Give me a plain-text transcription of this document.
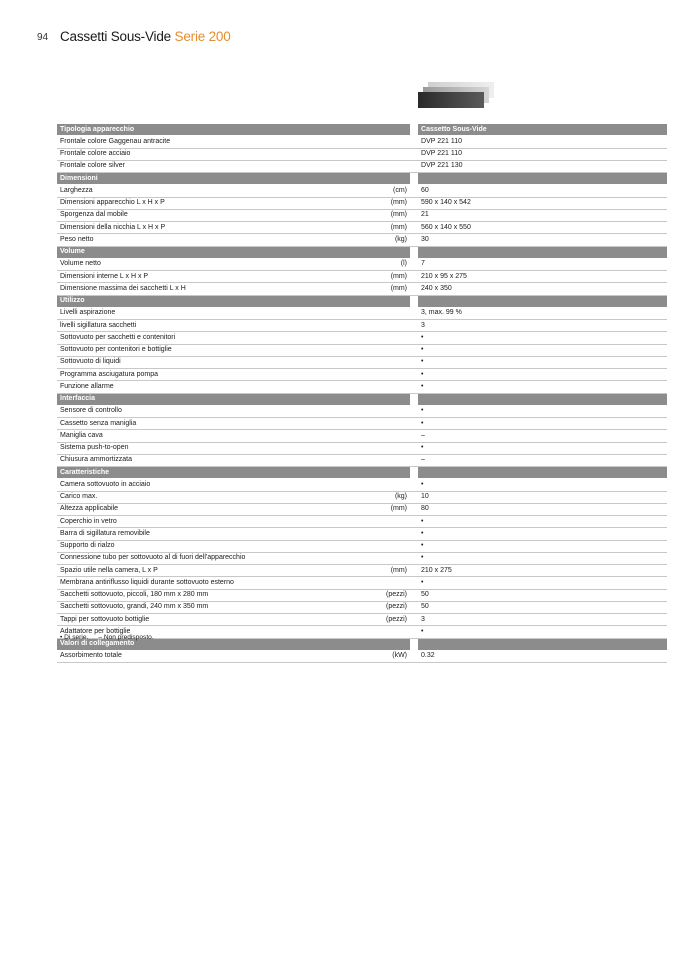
94 Cassetti Sous-Vide Serie 200
Tipologia apparecchio			Cassetto Sous-Vide
Frontale colore Gaggenau antracite			DVP 221 110
Frontale colore acciaio			DVP 221 110
Frontale colore silver			DVP 221 130
Dimensioni			
Larghezza	(cm)		60
Dimensioni apparecchio L x H x P	(mm)		590 x 140 x 542
Sporgenza dal mobile	(mm)		21
Dimensioni della nicchia L x H x P	(mm)		560 x 140 x 550
Peso netto	(kg)		30
Volume			
Volume netto	(l)		7
Dimensioni interne L x H x P	(mm)		210 x 95 x 275
Dimensione massima dei sacchetti L x H	(mm)		240 x 350
Utilizzo			
Livelli aspirazione			3, max. 99 %
livelli sigillatura sacchetti			3
Sottovuoto per sacchetti e contenitori			•
Sottovuoto per contenitori e bottiglie			•
Sottovuoto di liquidi			•
Programma asciugatura pompa			•
Funzione allarme			•
Interfaccia			
Sensore di controllo			•
Cassetto senza maniglia			•
Maniglia cava			–
Sistema push-to-open			•
Chiusura ammortizzata			–
Caratteristiche			
Camera sottovuoto in acciaio			•
Carico max.	(kg)		10
Altezza applicabile	(mm)		80
Coperchio in vetro			•
Barra di sigillatura removibile			•
Supporto di rialzo			•
Connessione tubo per sottovuoto al di fuori dell'apparecchio			•
Spazio utile nella camera, L x P	(mm)		210 x 275
Membrana antiriflusso liquidi durante sottovuoto esterno			•
Sacchetti sottovuoto, piccoli, 180 mm x 280 mm	(pezzi)		50
Sacchetti sottovuoto, grandi, 240 mm x 350 mm	(pezzi)		50
Tappi per sottovuoto bottiglie	(pezzi)		3
Adattatore per bottiglie			•
Valori di collegamento			
Assorbimento totale	(kW)		0.32
• Di serie. – Non predisposto.
